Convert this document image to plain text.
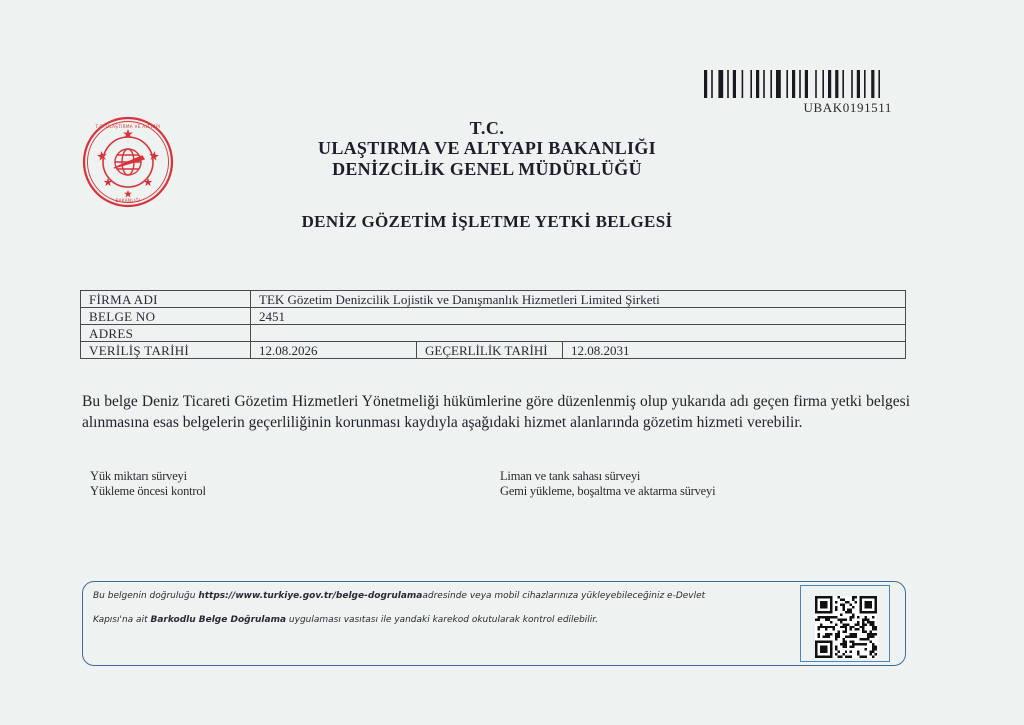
UBAK0191511
T.C. ULAŞTIRMA VE ALTYAPI
BAKANLIĞI
T.C.
ULAŞTIRMA VE ALTYAPI BAKANLIĞI
DENİZCİLİK GENEL MÜDÜRLÜĞÜ
DENİZ GÖZETİM İŞLETME YETKİ BELGESİ
FİRMA ADI	TEK Gözetim Denizcilik Lojistik ve Danışmanlık Hizmetleri Limited Şirketi		
BELGE NO	2451		
ADRES			
VERİLİŞ TARİHİ	12.08.2026	GEÇERLİLİK TARİHİ	12.08.2031
Bu belge Deniz Ticareti Gözetim Hizmetleri Yönetmeliği hükümlerine göre düzenlenmiş olup yukarıda adı geçen firma yetki belgesi alınmasına esas belgelerin geçerliliğinin korunması kaydıyla aşağıdaki hizmet alanlarında gözetim hizmeti verebilir.
Yük miktarı sürveyi
Yükleme öncesi kontrol
Liman ve tank sahası sürveyi
Gemi yükleme, boşaltma ve aktarma sürveyi
Bu belgenin doğruluğu https://www.turkiye.gov.tr/belge-dogrulamaadresinde veya mobil cihazlarınıza yükleyebileceğiniz e-Devlet
Kapısı'na ait Barkodlu Belge Doğrulama uygulaması vasıtası ile yandaki karekod okutularak kontrol edilebilir.
